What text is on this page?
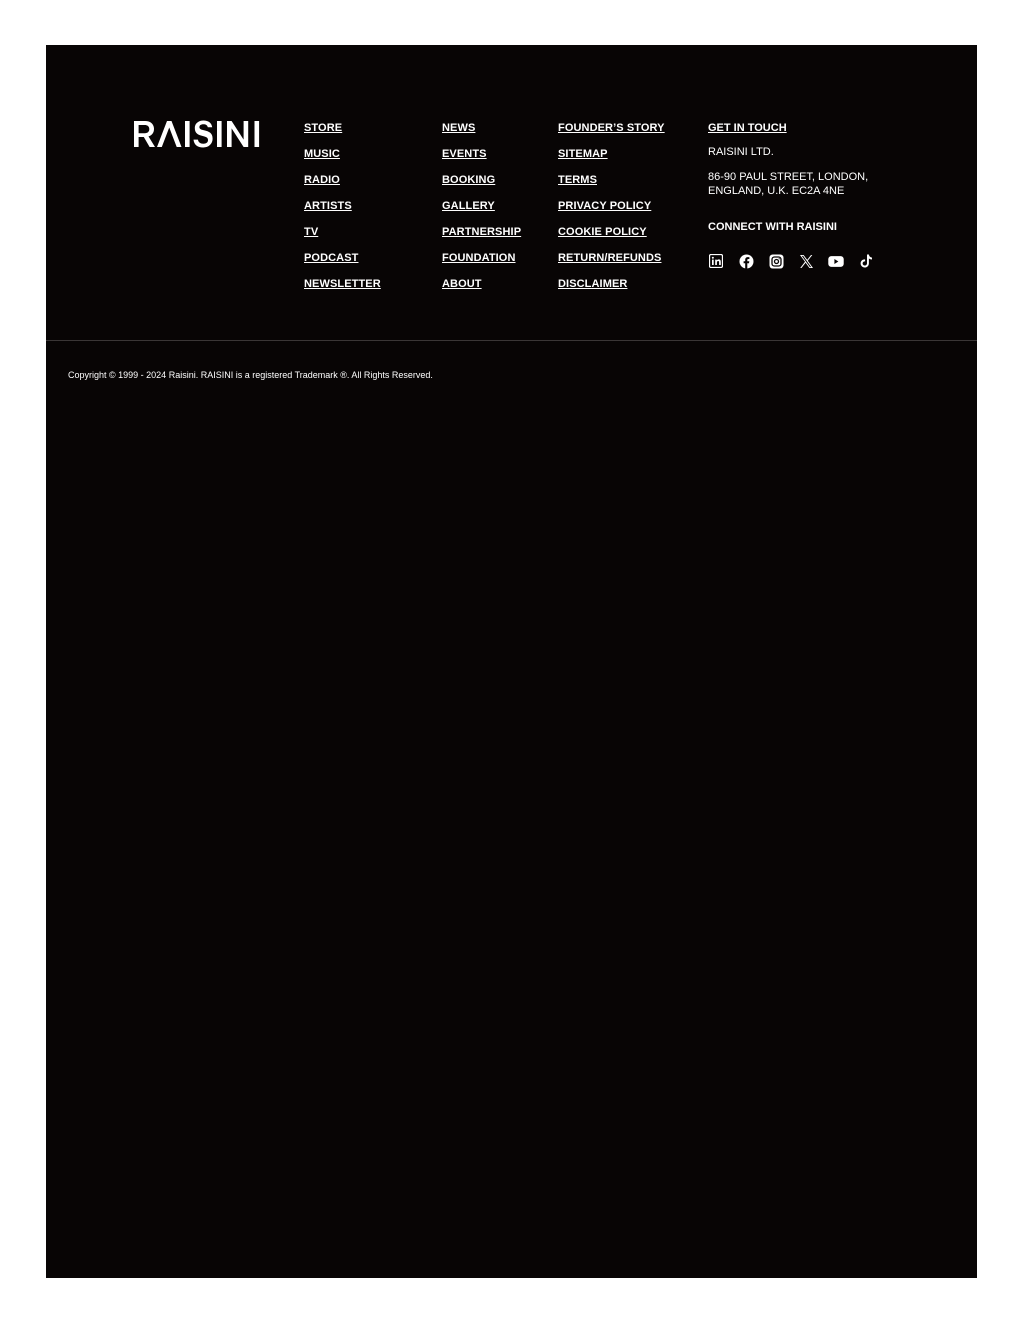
STORE
MUSIC
RADIO
ARTISTS
TV
PODCAST
NEWSLETTER
NEWS
EVENTS
BOOKING
GALLERY
PARTNERSHIP
FOUNDATION
ABOUT
FOUNDER’S STORY
SITEMAP
TERMS
PRIVACY POLICY
COOKIE POLICY
RETURN/REFUNDS
DISCLAIMER
GET IN TOUCH
RAISINI LTD.
86-90 PAUL STREET, LONDON, ENGLAND, U.K. EC2A 4NE
CONNECT WITH RAISINI
Copyright © 1999 - 2024 Raisini. RAISINI is a registered Trademark ®. All Rights Reserved.
